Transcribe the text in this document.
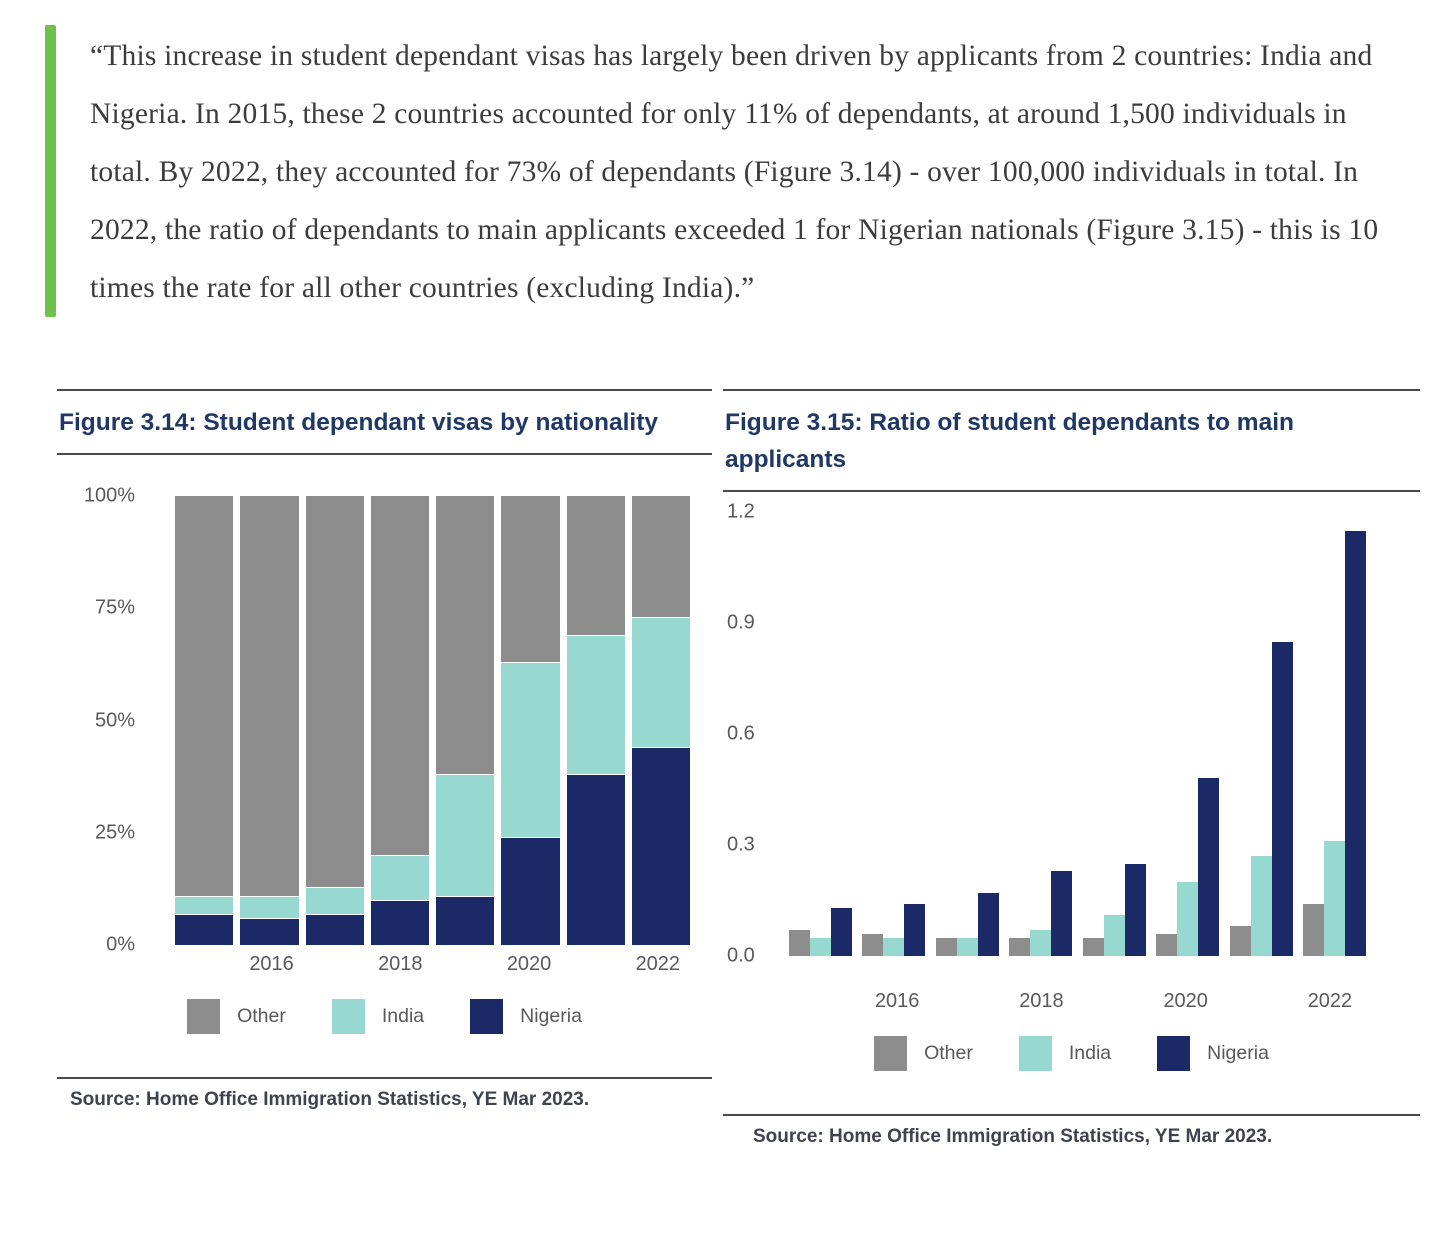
“This increase in student dependant visas has largely been driven by applicants from 2 countries: India and Nigeria. In 2015, these 2 countries accounted for only 11% of dependants, at around 1,500 individuals in total. By 2022, they accounted for 73% of dependants (Figure 3.14) - over 100,000 individuals in total. In 2022, the ratio of dependants to main applicants exceeded 1 for Nigerian nationals (Figure 3.15) - this is 10 times the rate for all other countries (excluding India).”

Figure 3.14: Student dependant visas by nationality
0%
25%
50%
75%
100%
2016	2018	2020	2022
Other	India	Nigeria

Source: Home Office Immigration Statistics, YE Mar 2023.

Figure 3.15: Ratio of student dependants to main applicants
0.0
0.3
0.6
0.9
1.2
2016	2018	2020	2022
Other	India	Nigeria

Source: Home Office Immigration Statistics, YE Mar 2023.
